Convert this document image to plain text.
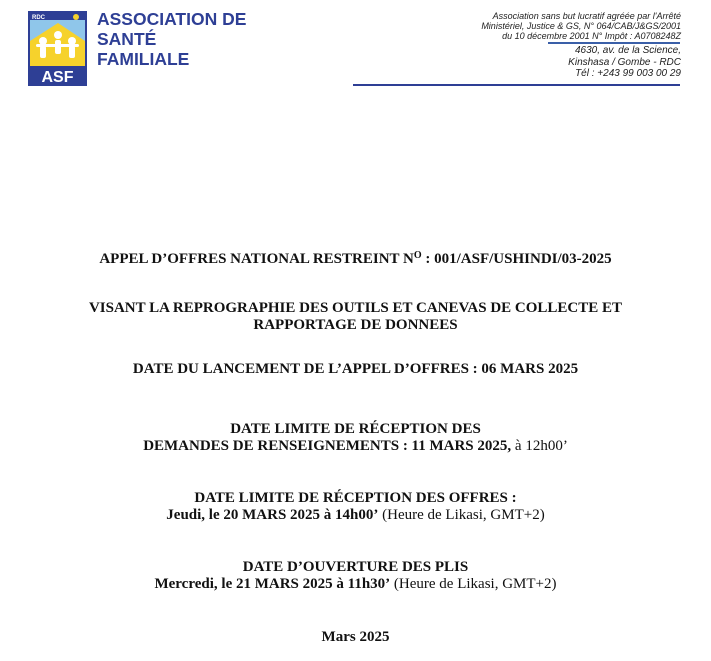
RDC
ASF
ASSOCIATION DE
SANTÉ
FAMILIALE
Association sans but lucratif agréée par l'Arrêté
Ministériel, Justice & GS, N° 064/CAB/J&GS/2001
du 10 décembre 2001 N° Impôt : A0708248Z
4630, av. de la Science,
Kinshasa / Gombe - RDC
Tél : +243 99 003 00 29
APPEL D’OFFRES NATIONAL RESTREINT $N^O$ : 001/ASF/USHINDI/03-2025
VISANT LA REPROGRAPHIE DES OUTILS ET CANEVAS DE COLLECTE ET
RAPPORTAGE DE DONNEES
DATE DU LANCEMENT DE L’APPEL D’OFFRES : 06 MARS 2025
DATE LIMITE DE RÉCEPTION DES
DEMANDES DE RENSEIGNEMENTS : 11 MARS 2025, à 12h00’
DATE LIMITE DE RÉCEPTION DES OFFRES :
Jeudi, le 20 MARS 2025 à 14h00’ (Heure de Likasi, GMT+2)
DATE D’OUVERTURE DES PLIS
Mercredi, le 21 MARS 2025 à 11h30’ (Heure de Likasi, GMT+2)
Mars 2025
